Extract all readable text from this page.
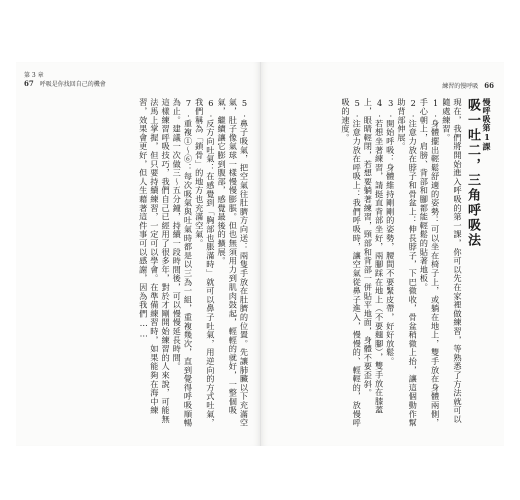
第 3 章
67 呼吸是你找回自己的機會

5.鼻子吸氣，把空氣往肚臍方向送：兩隻手放在肚臍的位置。先讓肺臟以下充滿空氣，肚子像氣球一樣慢慢膨脹。但也無須用力到肌肉鼓起，輕輕的就好，一整個吸氣，繼續讓它膨到腹部，感覺最後的擴展。

6.反方向吐氣：在感覺到「胸部也脹滿時」就可以鼻子吐氣，用逆向的方式吐氣，我們稱為「鎖骨」的地方也充滿空氣。

7.重複①～⑥：每次吸氣與吐氣時都是以三為一組，重複幾次，直到覺得呼吸順暢為止。建議一次做三～五分鐘，持續一段時間後，可以慢慢延長時間。

這樣練習呼吸技巧，我們自己已經用了很多年，對於才剛開始練習的人來說，可能無法馬上掌握，但只要持續練習，一定可以學會。在準備練習時，如果能夠在海中練習，效果會更好，但人生藉著這件事可以感謝，因為我們……

練習的慢呼吸 66

慢呼吸第1課

吸一吐二，三角呼吸法

現在，我們將開始進入呼吸的第一課，你可以先在家裡做練習，等熟悉了方法就可以隨處練習。

1.身體擺出輕鬆舒適的姿勢：可以坐在椅子上，或躺在地上，雙手放在身體兩側，手心朝上，肩膀、背部和腳都能輕鬆的貼著地板。

2.注意力放在脖子和骨盆上：伸長脖子，下巴微收，骨盆稍微上抬，讓這個動作幫助背部伸展。

3.開始呼吸：身體維持剛剛的姿勢，腰間不要緊皮帶，好好放鬆。

4.若想坐著練習，請挺直背部坐好，兩腳踩在地上（不要翹腳），雙手放在膝蓋上，眼睛輕閉，若想要躺著練習，頸部和背部一併貼平地面，身體不要歪斜。

5.注意力放在呼吸上：我們呼吸時，讓空氣從鼻子進入，慢慢的、輕輕的，放慢呼吸的速度。
